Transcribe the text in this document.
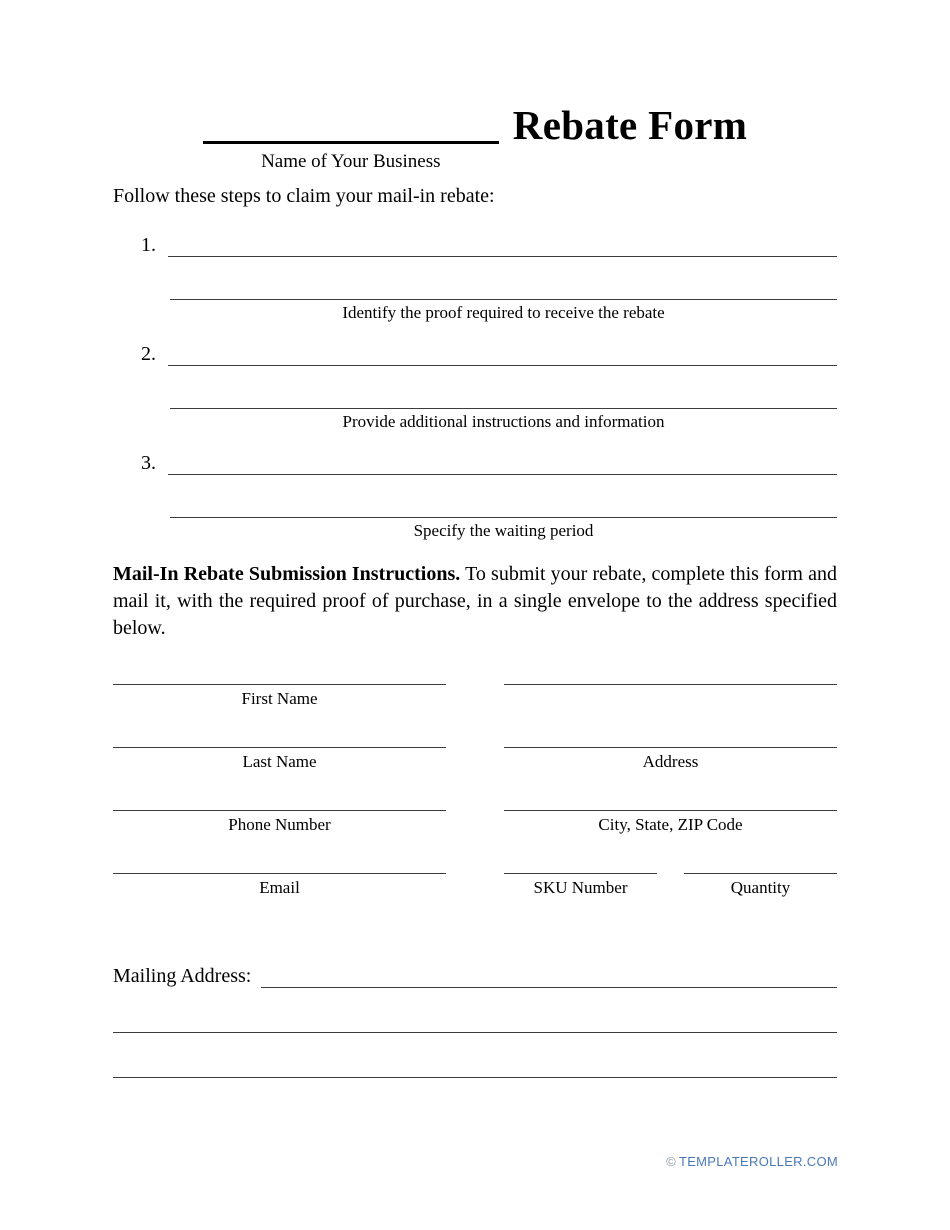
Name of Your Business
Rebate Form
Follow these steps to claim your mail-in rebate:
1.
Identify the proof required to receive the rebate
2.
Provide additional instructions and information
3.
Specify the waiting period
Mail-In Rebate Submission Instructions. To submit your rebate, complete this form and mail it, with the required proof of purchase, in a single envelope to the address specified below.
First Name
Last Name
Phone Number
Email
Address
City, State, ZIP Code
SKU Number	Quantity
Mailing Address:
© TEMPLATEROLLER.COM
